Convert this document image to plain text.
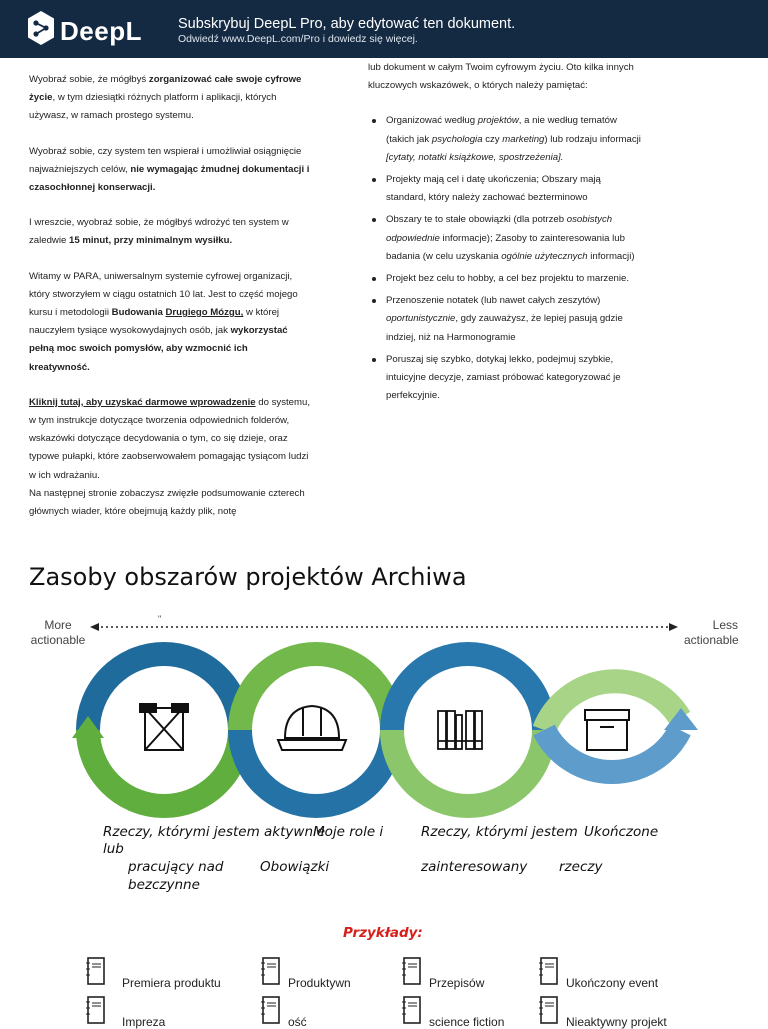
DeepL Subskrybuj DeepL Pro, aby edytować ten dokument.
Odwiedź www.DeepL.com/Pro i dowiedz się więcej.

Wyobraź sobie, że mógłbyś zorganizować całe swoje cyfrowe życie, w tym dziesiątki różnych platform i aplikacji, których używasz, w ramach prostego systemu.

Wyobraź sobie, czy system ten wspierał i umożliwiał osiągnięcie najważniejszych celów, nie wymagając żmudnej dokumentacji i czasochłonnej konserwacji.

I wreszcie, wyobraź sobie, że mógłbyś wdrożyć ten system w zaledwie 15 minut, przy minimalnym wysiłku.

Witamy w PARA, uniwersalnym systemie cyfrowej organizacji, który stworzyłem w ciągu ostatnich 10 lat. Jest to część mojego kursu i metodologii Budowania Drugiego Mózgu, w której nauczyłem tysiące wysokowydajnych osób, jak wykorzystać pełną moc swoich pomysłów, aby wzmocnić ich kreatywność.

Kliknij tutaj, aby uzyskać darmowe wprowadzenie do systemu, w tym instrukcje dotyczące tworzenia odpowiednich folderów, wskazówki dotyczące decydowania o tym, co się dzieje, oraz typowe pułapki, które zaobserwowałem pomagając tysiącom ludzi w ich wdrażaniu.

Na następnej stronie zobaczysz zwięzłe podsumowanie czterech głównych wiader, które obejmują każdy plik, notę

lub dokument w całym Twoim cyfrowym życiu. Oto kilka innych kluczowych wskazówek, o których należy pamiętać:

Organizować według projektów, a nie według tematów (takich jak psychologia czy marketing) lub rodzaju informacji [cytaty, notatki książkowe, spostrzeżenia].
Projekty mają cel i datę ukończenia; Obszary mają standard, który należy zachować bezterminowo
Obszary te to stałe obowiązki (dla potrzeb osobistych odpowiednie informacje); Zasoby to zainteresowania lub badania (w celu uzyskania ogólnie użytecznych informacji)
Projekt bez celu to hobby, a cel bez projektu to marzenie.
Przenoszenie notatek (lub nawet całych zeszytów) oportunistycznie, gdy zauważysz, że lepiej pasują gdzie indziej, niż na Harmonogramie
Poruszaj się szybko, dotykaj lekko, podejmuj szybkie, intuicyjne decyzje, zamiast próbować kategoryzować je perfekcyjnie.
Zasoby obszarów projektów Archiwa
More actionable
Less actionable
"
Rzeczy, którymi jestem aktywnie
lub
Moje role i	Rzeczy, którymi jestem Ukończone
pracujący nad
bezczynne
Obowiązki	zainteresowany rzeczy
Przykłady:
Premiera produktu	Produktywn	Przepisów	Ukończony event
Impreza	ość	science fiction	Nieaktywny projekt
